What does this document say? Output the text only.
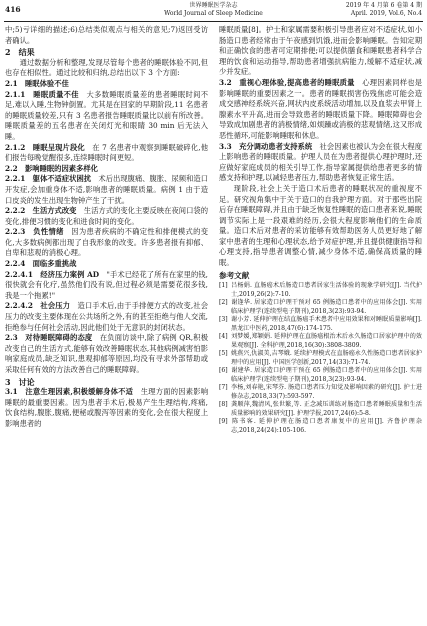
416	世界睡眠医学杂志
World Journal of Sleep Medicine
2019 年 4 月第 6 卷第 4 期
April. 2019, Vol.6, No.4

中;5)亏详细的描述;6)总结类似观点与相关的意见;7)返回受访者确认。

2　结果

通过数据分析和整理,发现尽管每个患者的睡眠体验不同,但也存在相似性。通过比较和归纳,总结出以下 3 个方面:

2.1　睡眠体验不佳

2.1.1　睡眠质量不佳　大多数睡眠质量差的患者睡眠时间不足,难以入睡,生物钟倒置。尤其是在回家的早期阶段,11 名患者的睡眠质量较差,只有 3 名患者报告睡眠质量比以前有所改善。睡眠质量差的五名患者在关闭灯光和眼睛 30 min 后无法入睡。

2.1.2　睡眠呈现片段化　在 7 名患者中观察到睡眠破碎化,他们报告每晚觉醒很多,连续睡眠时间更短。

2.2　影响睡眠的因素多样化

2.2.1　躯体不适症状困扰　术后出现腹痛、腹胀、尿频和造口开发症,会加重身体不适,影响患者的睡眠质量。病例 1 由于造口皮炎的发生出现生物钟产生了干扰。

2.2.2　生活方式改变　生活方式的变化主要反映在夜间口袋的变化,排便习惯的变化和进食时间的变化。

2.2.3　负性情绪　因为患者疾病的不确定性和排便模式的变化,大多数病例都出现了自我形象的改变。许多患者报有抑郁、自卑和悲观的消极心理。

2.2.4　面临多重挑战

2.2.4.1　经济压力案例 AD　"手术已经花了所有在家里的钱,很快就会有化疗,虽然他们没有说,但过程必须是需要花很多钱,我是一个拖累!"

2.2.4.2　社会压力　造口手术后,由于手排便方式的改变,社会压力的改变主要体现在公共场所之外,有的甚至拒绝与他人交流,拒绝参与任何社会活动,因此他们处于无意识的封闭状态。

2.3　对待睡眠障碍的态度　在负面访谈中,除了病例 QR,积极改变自己的生活方式,能够有效改善睡眠状态,其他病例减害怕影响家庭成员,缺乏知识,患观抑郁等原因,均没有寻求外部帮助或采取任何有效的方法改善自己的睡眠障碍。

3　讨论

3.1　注意生理因素,积极缓解身体不适　生理方面的因素影响睡眠的最重要因素。因为患者手术后,极易产生生理结构,疼痛,饮食结构,腹胀,腹痛,便秘或腹泻等因素的变化,会在很大程度上影响患者的

睡眠质量[8]。护士和家属需要积极引导患者应对不适症状,如小肠造口患者经常由于午夜感到饥饿,进而会影响睡眠。告知定期和正确饮食的患者可定期排便;可以提供膳食和睡眠患者科学合理的饮食和运动指导,帮助患者增强抗病能力,缓解不适症状,减少并发症。

3.2　重视心理体验,提高患者的睡眠质量　心理因素同样也是影响睡眠的重要因素之一。患者的睡眠损害伤残焦虑可能会造成交感神经系统兴奋,网状内皮系统活动增加,以及血浆去甲肾上腺素水平升高,进而会导致患者的睡眠质量下降。睡眠障碍也会导致成加剧患者的消极情绪,如烦躁或消极的悲观情绪,这又形成恶性循环,可能影响睡眠和休息。

3.3　充分调动患者支持系统　社会因素也被认为会在很大程度上影响患者的睡眠质量。护理人员在为患者提供心理护理时,还应做好家庭成员的相关引导工作,指导家属提供给患者更多的情感支持和护理,以减轻患者压力,帮助患者恢复正常生活。

现阶段,社会上关于造口术后患者的睡眠状况的重视度不足。研究视角集中于关于造口的自我护理方面。对于那些出院后存在睡眠障碍,并且由于缺乏恢复性睡眠的造口患者来说,睡眠调节实际上是一段艰难的经历,会很大程度影响他们的生命质量。造口术后对患者的采访能够有效帮助医务人员更好地了解家中患者的生理和心理状态,给予对症护理,并且提供健康指导和心理支持,指导患者调整心情,减少身体不适,确保高质量的睡眠。

参考文献

[1] 吕杨娟. 直肠癌术后肠造口患者居家生活体验的现象学研究[J]. 当代护士,2019,26(2):7-10.

[2] 谢逢华. 居家造口护理干预对 65 例肠造口患者中的应用体会[J]. 实用临床护理学(连续型电子期刊),2018,3(23):93-94.

[3] 谢小芳. 延伸护理在结直肠癌手术患者中应用效果和对睡眠质量影响[J]. 黑龙江中医药,2018,47(6):174-175.

[4] 刘梦媛,郑颖娟. 延伸护理在直肠癌根治术后永久肠造口居家护理中的效果观察[J]. 全科护理,2018,16(30):3808-3809.

[5] 姚燕兴,仇淑美,吉琴娥. 延续护理模式在直肠癌永久性肠造口患者居家护理中的应用[J]. 中国医学创新,2017,14(33):71-74.

[6] 谢建华. 居家造口护理干预在 65 例肠造口患者中的应用体会[J]. 实用临床护理学(连续型电子期刊),2018,3(23):93-94.

[7] 李杨,刘春艳,宋琴芬. 肠造口患者压力知觉及影响因素的研究[J]. 护士进修杂志,2018,33(7):593-597.

[8] 龚顺萍,魏清风,张世繁,等. 正念减压训练对肠造口患者睡眠质量和生活质量影响的效果研究[J]. 护理学报,2017,24(6):5-8.

[9] 陈书客. 延伸护理在肠造口患者康复中的应用[J]. 齐鲁护理杂志,2018,24(24):105-106.
